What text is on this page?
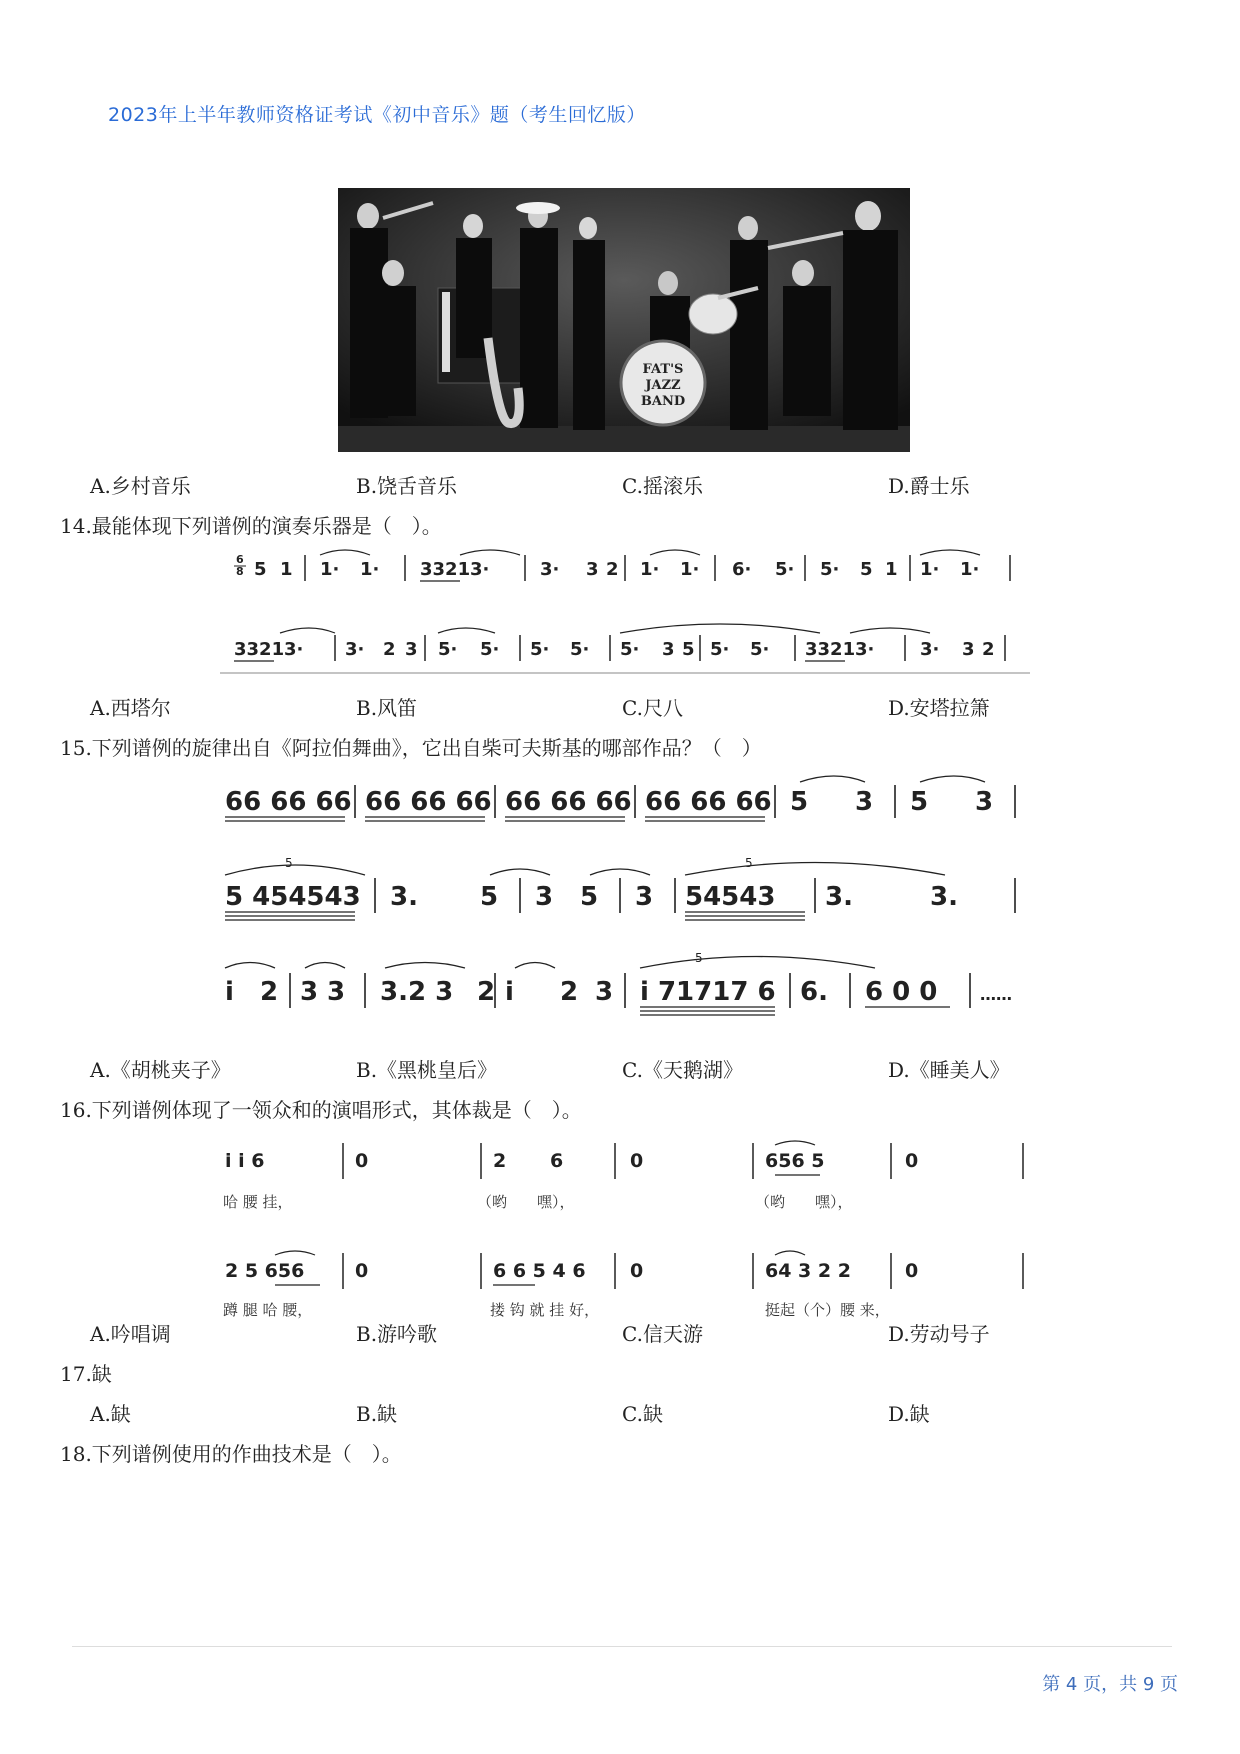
2023年上半年教师资格证考试《初中音乐》题（考生回忆版）
FAT'S
JAZZ
BAND
A.乡村音乐	B.饶舌音乐	C.摇滚乐	D.爵士乐
14.最能体现下列谱例的演奏乐器是（　）。
6
8 5 1 1· 1· 3321 3·	3· 3 2 1· 1· 6· 5· 5· 5 1 1· 1·
3321 3· 3· 2 3 5· 5· 5· 5· 5· 3 5 5· 5· 3321 3·	3· 3 2
A.西塔尔	B.风笛	C.尺八	D.安塔拉箫
15.下列谱例的旋律出自《阿拉伯舞曲》，它出自柴可夫斯基的哪部作品？（　）
66 66 66 66 66 66 66 66 66 66 66 66 5 3 5 3
5 454543 3. 5 3 5 3 54543 3.	3.
i 2 3 3 3.2 3 2 i 2 3 i 71717 6 6. 6 0 0	……
5	5
5
A.《胡桃夹子》	B.《黑桃皇后》	C.《天鹅湖》	D.《睡美人》
16.下列谱例体现了一领众和的演唱形式，其体裁是（　）。
i i 6	0	2 6	0	656 5	0
2 5 656	0	6 6 5 4 6 0	64 3 2 2	0
哈 腰 挂，	（哟　　嘿），	（哟　　嘿），
蹲 腿 哈 腰，	搂 钩 就 挂 好，	挺起（个）腰 来，
A.吟唱调	B.游吟歌	C.信天游	D.劳动号子
17.缺
A.缺	B.缺	C.缺	D.缺
18.下列谱例使用的作曲技术是（　）。
第 4 页，共 9 页
